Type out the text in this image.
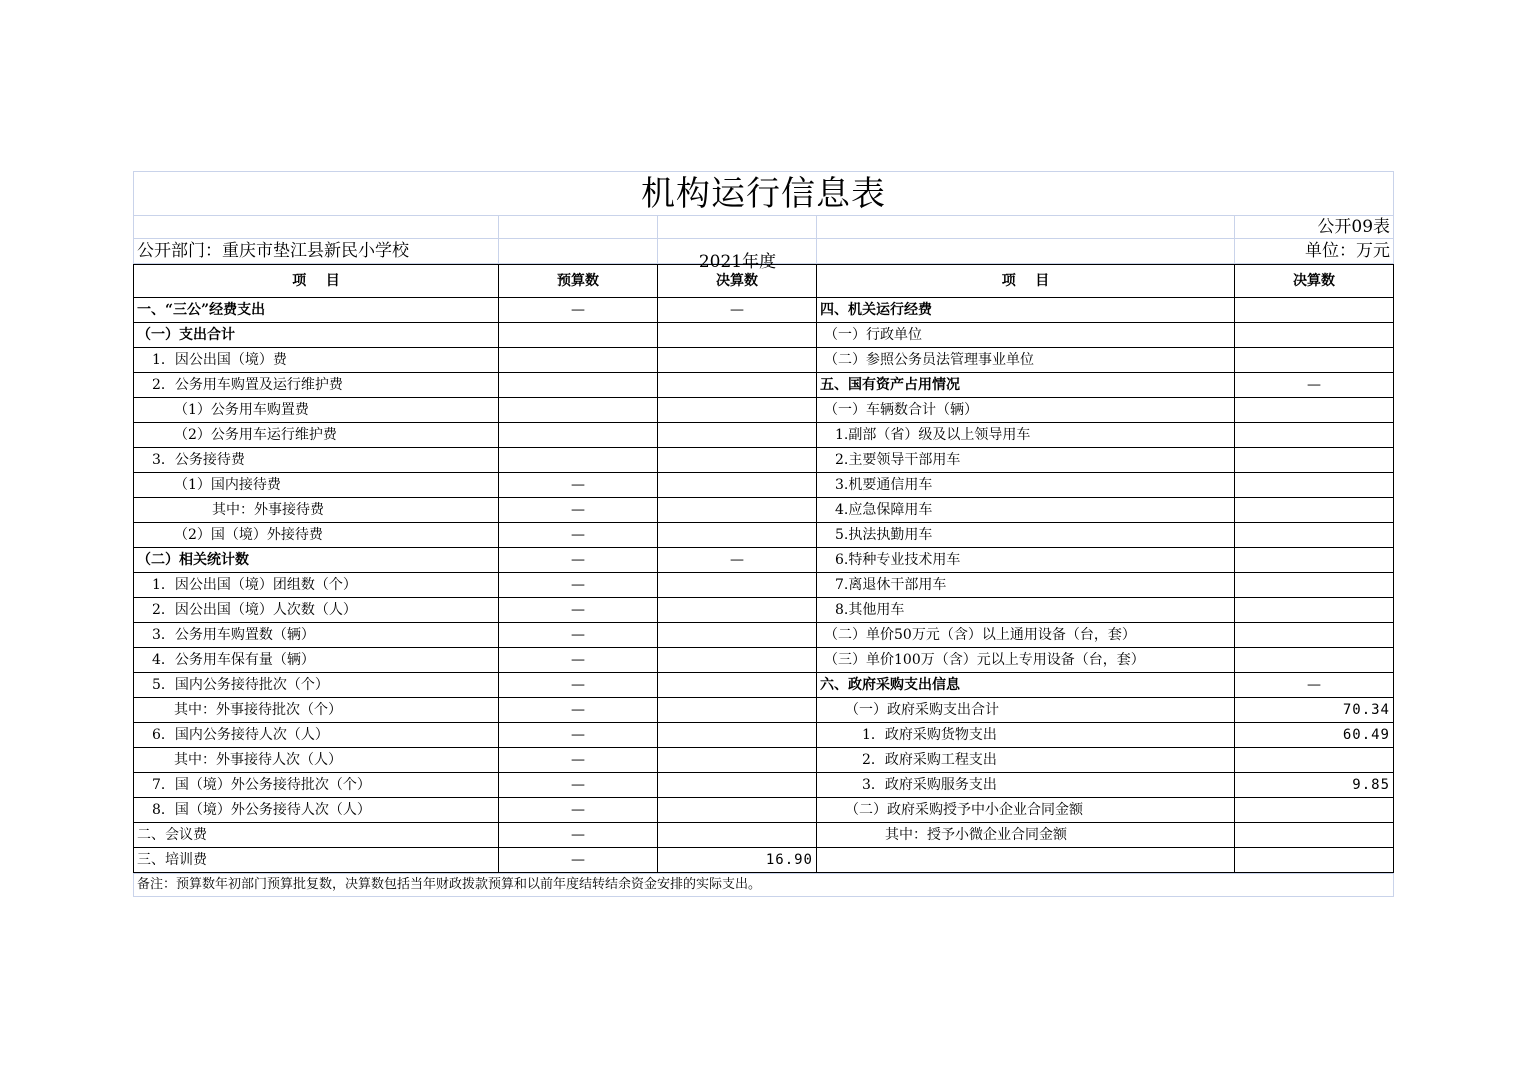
机构运行信息表				
				公开09表
公开部门：重庆市垫江县新民小学校		2021年度		单位：万元
项    目	预算数	决算数	项    目	决算数
一、“三公”经费支出	—	—	四、机关运行经费	
（一）支出合计			（一）行政单位	
1．因公出国（境）费			（二）参照公务员法管理事业单位	
2．公务用车购置及运行维护费			五、国有资产占用情况	—
（1）公务用车购置费			（一）车辆数合计（辆）	
（2）公务用车运行维护费			1.副部（省）级及以上领导用车	
3．公务接待费			2.主要领导干部用车	
（1）国内接待费	—		3.机要通信用车	
其中：外事接待费	—		4.应急保障用车	
（2）国（境）外接待费	—		5.执法执勤用车	
（二）相关统计数	—	—	6.特种专业技术用车	
1．因公出国（境）团组数（个）	—		7.离退休干部用车	
2．因公出国（境）人次数（人）	—		8.其他用车	
3．公务用车购置数（辆）	—		（二）单价50万元（含）以上通用设备（台，套）	
4．公务用车保有量（辆）	—		（三）单价100万（含）元以上专用设备（台，套）	
5．国内公务接待批次（个）	—		六、政府采购支出信息	—
其中：外事接待批次（个）	—		（一）政府采购支出合计	70.34
6．国内公务接待人次（人）	—		1．政府采购货物支出	60.49
其中：外事接待人次（人）	—		2．政府采购工程支出	
7．国（境）外公务接待批次（个）	—		3．政府采购服务支出	9.85
8．国（境）外公务接待人次（人）	—		（二）政府采购授予中小企业合同金额	
二、会议费	—		其中：授予小微企业合同金额	
三、培训费	—	16.90		
备注：预算数年初部门预算批复数，决算数包括当年财政拨款预算和以前年度结转结余资金安排的实际支出。
